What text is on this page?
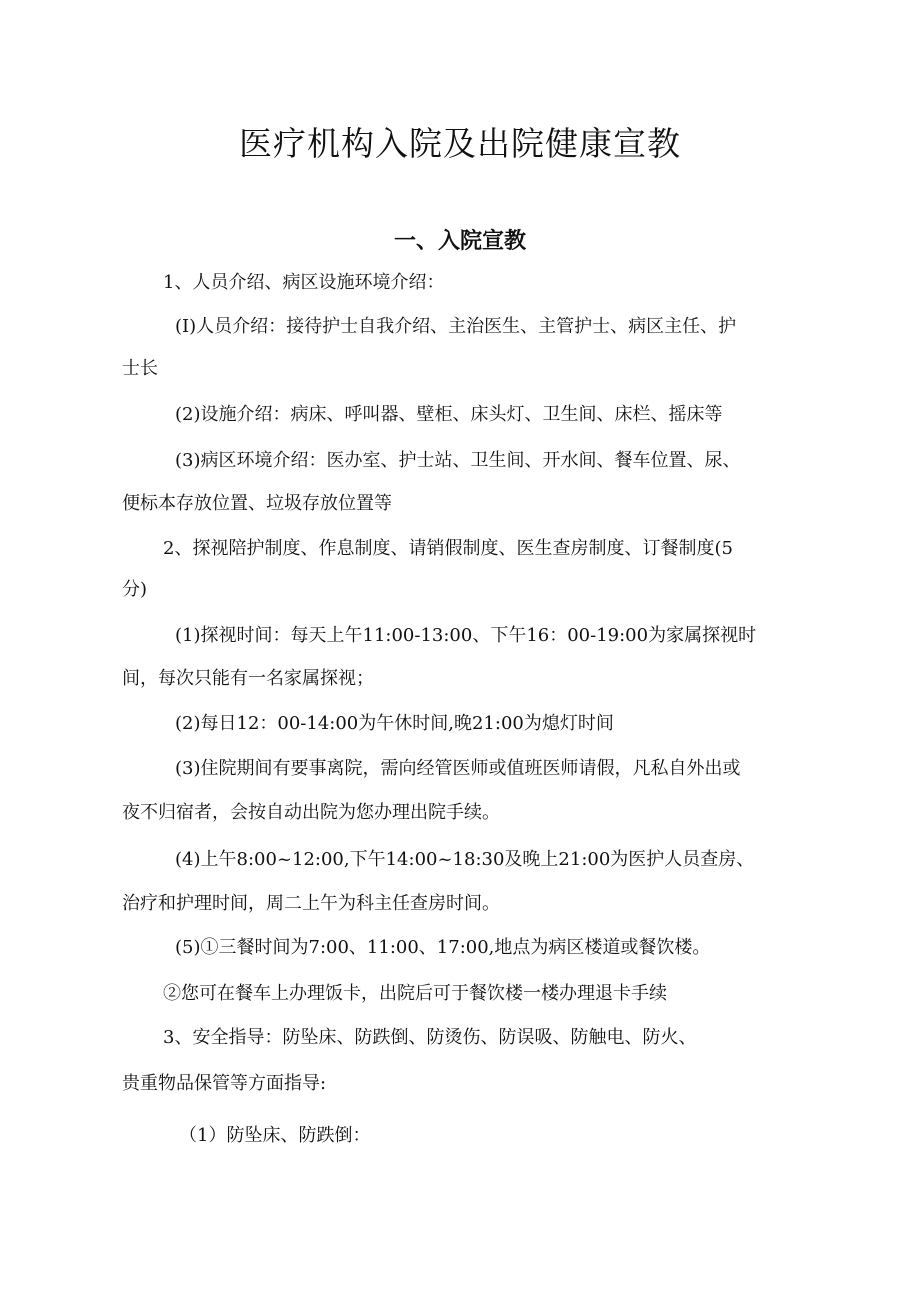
医疗机构入院及出院健康宣教
一、入院宣教
1、人员介绍、病区设施环境介绍：
(I)人员介绍：接待护士自我介绍、主治医生、主管护士、病区主任、护
士长
(2)设施介绍：病床、呼叫器、壁柜、床头灯、卫生间、床栏、摇床等
(3)病区环境介绍：医办室、护士站、卫生间、开水间、餐车位置、尿、
便标本存放位置、垃圾存放位置等
2、探视陪护制度、作息制度、请销假制度、医生查房制度、订餐制度(5
分)
(1)探视时间：每天上午11:00-13:00、下午16：00-19:00为家属探视时
间，每次只能有一名家属探视；
(2)每日12：00-14:00为午休时间,晚21:00为熄灯时间
(3)住院期间有要事离院，需向经管医师或值班医师请假，凡私自外出或
夜不归宿者，会按自动出院为您办理出院手续。
(4)上午8:00~12:00,下午14:00~18:30及晚上21:00为医护人员查房、
治疗和护理时间，周二上午为科主任查房时间。
(5)①三餐时间为7:00、11:00、17:00,地点为病区楼道或餐饮楼。
②您可在餐车上办理饭卡，出院后可于餐饮楼一楼办理退卡手续
3、安全指导：防坠床、防跌倒、防烫伤、防误吸、防触电、防火、
贵重物品保管等方面指导:
（1）防坠床、防跌倒：
